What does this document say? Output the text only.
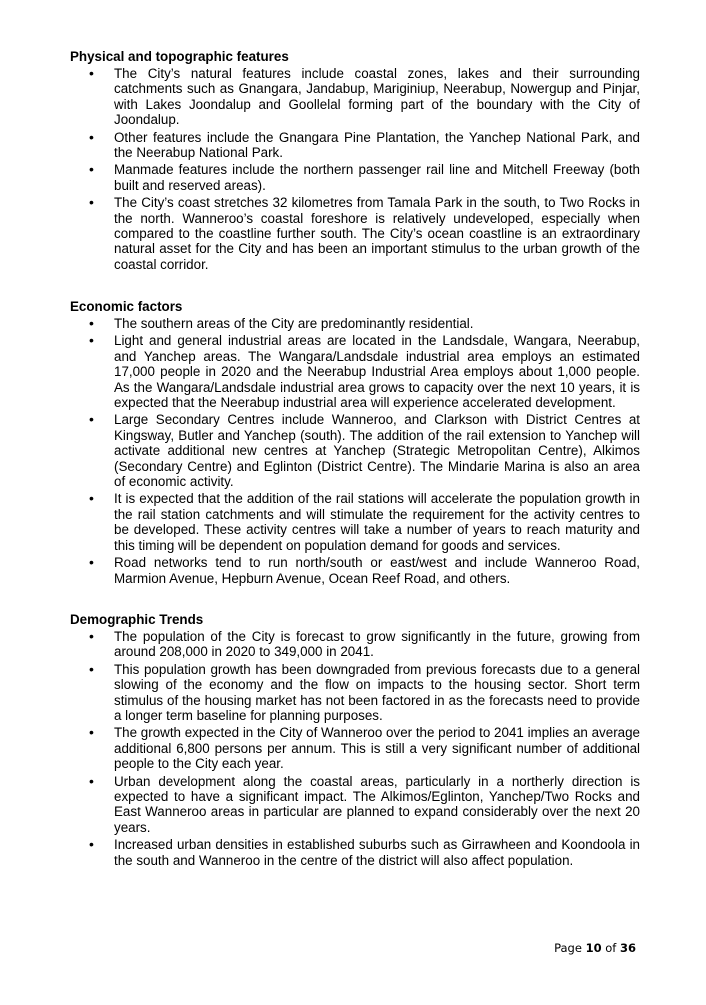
Physical and topographic features
• The City’s natural features include coastal zones, lakes and their surrounding catchments such as Gnangara, Jandabup, Mariginiup, Neerabup, Nowergup and Pinjar, with Lakes Joondalup and Goollelal forming part of the boundary with the City of Joondalup.
• Other features include the Gnangara Pine Plantation, the Yanchep National Park, and the Neerabup National Park.
• Manmade features include the northern passenger rail line and Mitchell Freeway (both built and reserved areas).
• The City’s coast stretches 32 kilometres from Tamala Park in the south, to Two Rocks in the north. Wanneroo’s coastal foreshore is relatively undeveloped, especially when compared to the coastline further south. The City’s ocean coastline is an extraordinary natural asset for the City and has been an important stimulus to the urban growth of the coastal corridor.
Economic factors
• The southern areas of the City are predominantly residential.
• Light and general industrial areas are located in the Landsdale, Wangara, Neerabup, and Yanchep areas. The Wangara/Landsdale industrial area employs an estimated 17,000 people in 2020 and the Neerabup Industrial Area employs about 1,000 people. As the Wangara/Landsdale industrial area grows to capacity over the next 10 years, it is expected that the Neerabup industrial area will experience accelerated development.
• Large Secondary Centres include Wanneroo, and Clarkson with District Centres at Kingsway, Butler and Yanchep (south). The addition of the rail extension to Yanchep will activate additional new centres at Yanchep (Strategic Metropolitan Centre), Alkimos (Secondary Centre) and Eglinton (District Centre). The Mindarie Marina is also an area of economic activity.
• It is expected that the addition of the rail stations will accelerate the population growth in the rail station catchments and will stimulate the requirement for the activity centres to be developed. These activity centres will take a number of years to reach maturity and this timing will be dependent on population demand for goods and services.
• Road networks tend to run north/south or east/west and include Wanneroo Road, Marmion Avenue, Hepburn Avenue, Ocean Reef Road, and others.
Demographic Trends
• The population of the City is forecast to grow significantly in the future, growing from around 208,000 in 2020 to 349,000 in 2041.
• This population growth has been downgraded from previous forecasts due to a general slowing of the economy and the flow on impacts to the housing sector. Short term stimulus of the housing market has not been factored in as the forecasts need to provide a longer term baseline for planning purposes.
• The growth expected in the City of Wanneroo over the period to 2041 implies an average additional 6,800 persons per annum. This is still a very significant number of additional people to the City each year.
• Urban development along the coastal areas, particularly in a northerly direction is expected to have a significant impact. The Alkimos/Eglinton, Yanchep/Two Rocks and East Wanneroo areas in particular are planned to expand considerably over the next 20 years.
• Increased urban densities in established suburbs such as Girrawheen and Koondoola in the south and Wanneroo in the centre of the district will also affect population.
Page 10 of 36
